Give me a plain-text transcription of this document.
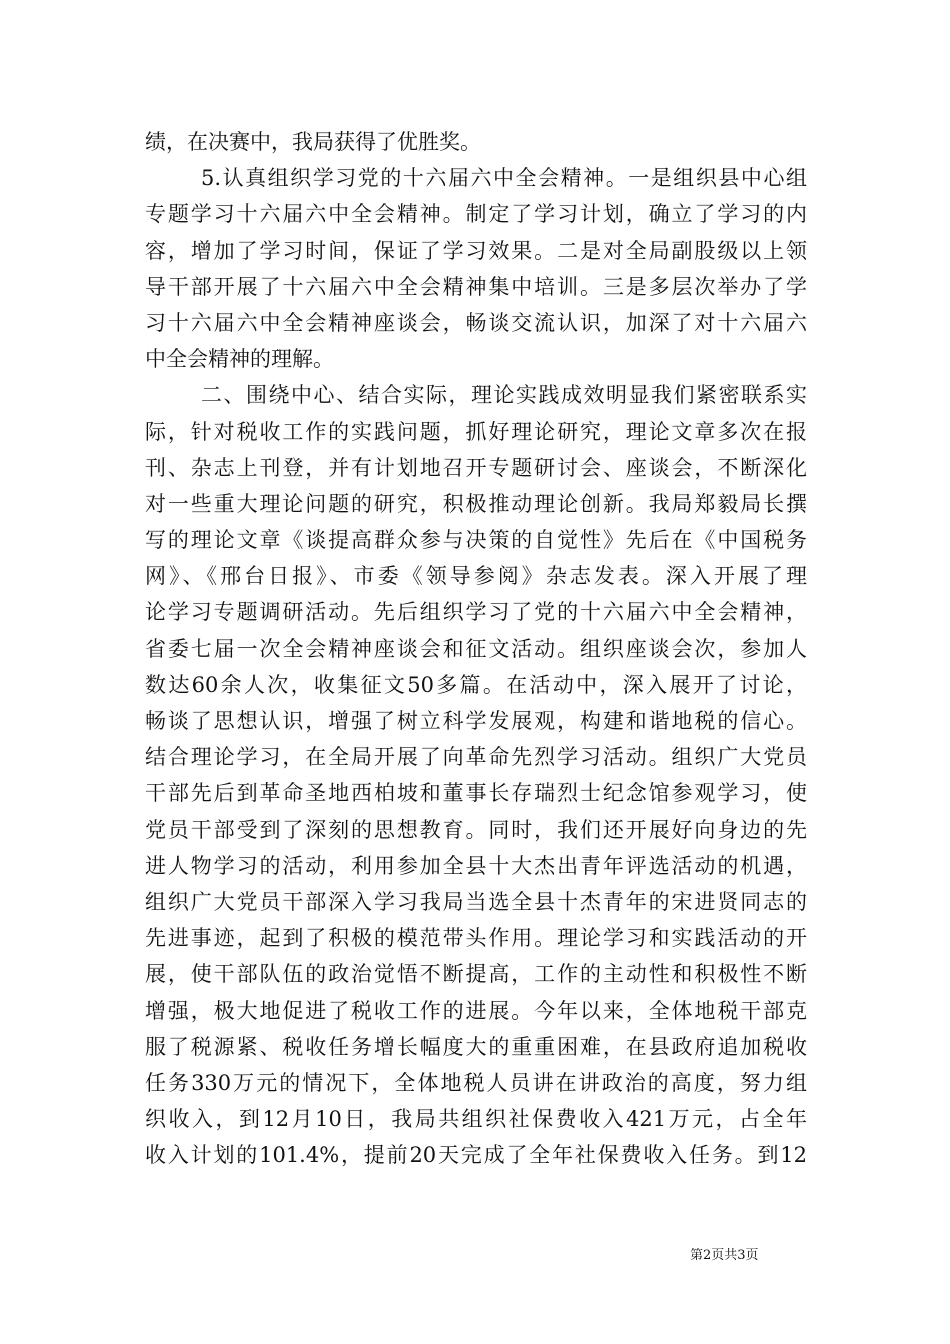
绩，在决赛中，我局获得了优胜奖。
5.认真组织学习党的十六届六中全会精神。一是组织县中心组
专题学习十六届六中全会精神。制定了学习计划，确立了学习的内
容，增加了学习时间，保证了学习效果。二是对全局副股级以上领
导干部开展了十六届六中全会精神集中培训。三是多层次举办了学
习十六届六中全会精神座谈会，畅谈交流认识，加深了对十六届六
中全会精神的理解。
二、围绕中心、结合实际，理论实践成效明显我们紧密联系实
际，针对税收工作的实践问题，抓好理论研究，理论文章多次在报
刊、杂志上刊登，并有计划地召开专题研讨会、座谈会，不断深化
对一些重大理论问题的研究，积极推动理论创新。我局郑毅局长撰
写的理论文章《谈提高群众参与决策的自觉性》先后在《中国税务
网》、《邢台日报》、市委《领导参阅》杂志发表。深入开展了理
论学习专题调研活动。先后组织学习了党的十六届六中全会精神，
省委七届一次全会精神座谈会和征文活动。组织座谈会次，参加人
数达60余人次，收集征文50多篇。在活动中，深入展开了讨论，
畅谈了思想认识，增强了树立科学发展观，构建和谐地税的信心。
结合理论学习，在全局开展了向革命先烈学习活动。组织广大党员
干部先后到革命圣地西柏坡和董事长存瑞烈士纪念馆参观学习，使
党员干部受到了深刻的思想教育。同时，我们还开展好向身边的先
进人物学习的活动，利用参加全县十大杰出青年评选活动的机遇，
组织广大党员干部深入学习我局当选全县十杰青年的宋进贤同志的
先进事迹，起到了积极的模范带头作用。理论学习和实践活动的开
展，使干部队伍的政治觉悟不断提高，工作的主动性和积极性不断
增强，极大地促进了税收工作的进展。今年以来，全体地税干部克
服了税源紧、税收任务增长幅度大的重重困难，在县政府追加税收
任务330万元的情况下，全体地税人员讲在讲政治的高度，努力组
织收入，到12月10日，我局共组织社保费收入421万元，占全年
收入计划的101.4%，提前20天完成了全年社保费收入任务。到12
第2页共3页
